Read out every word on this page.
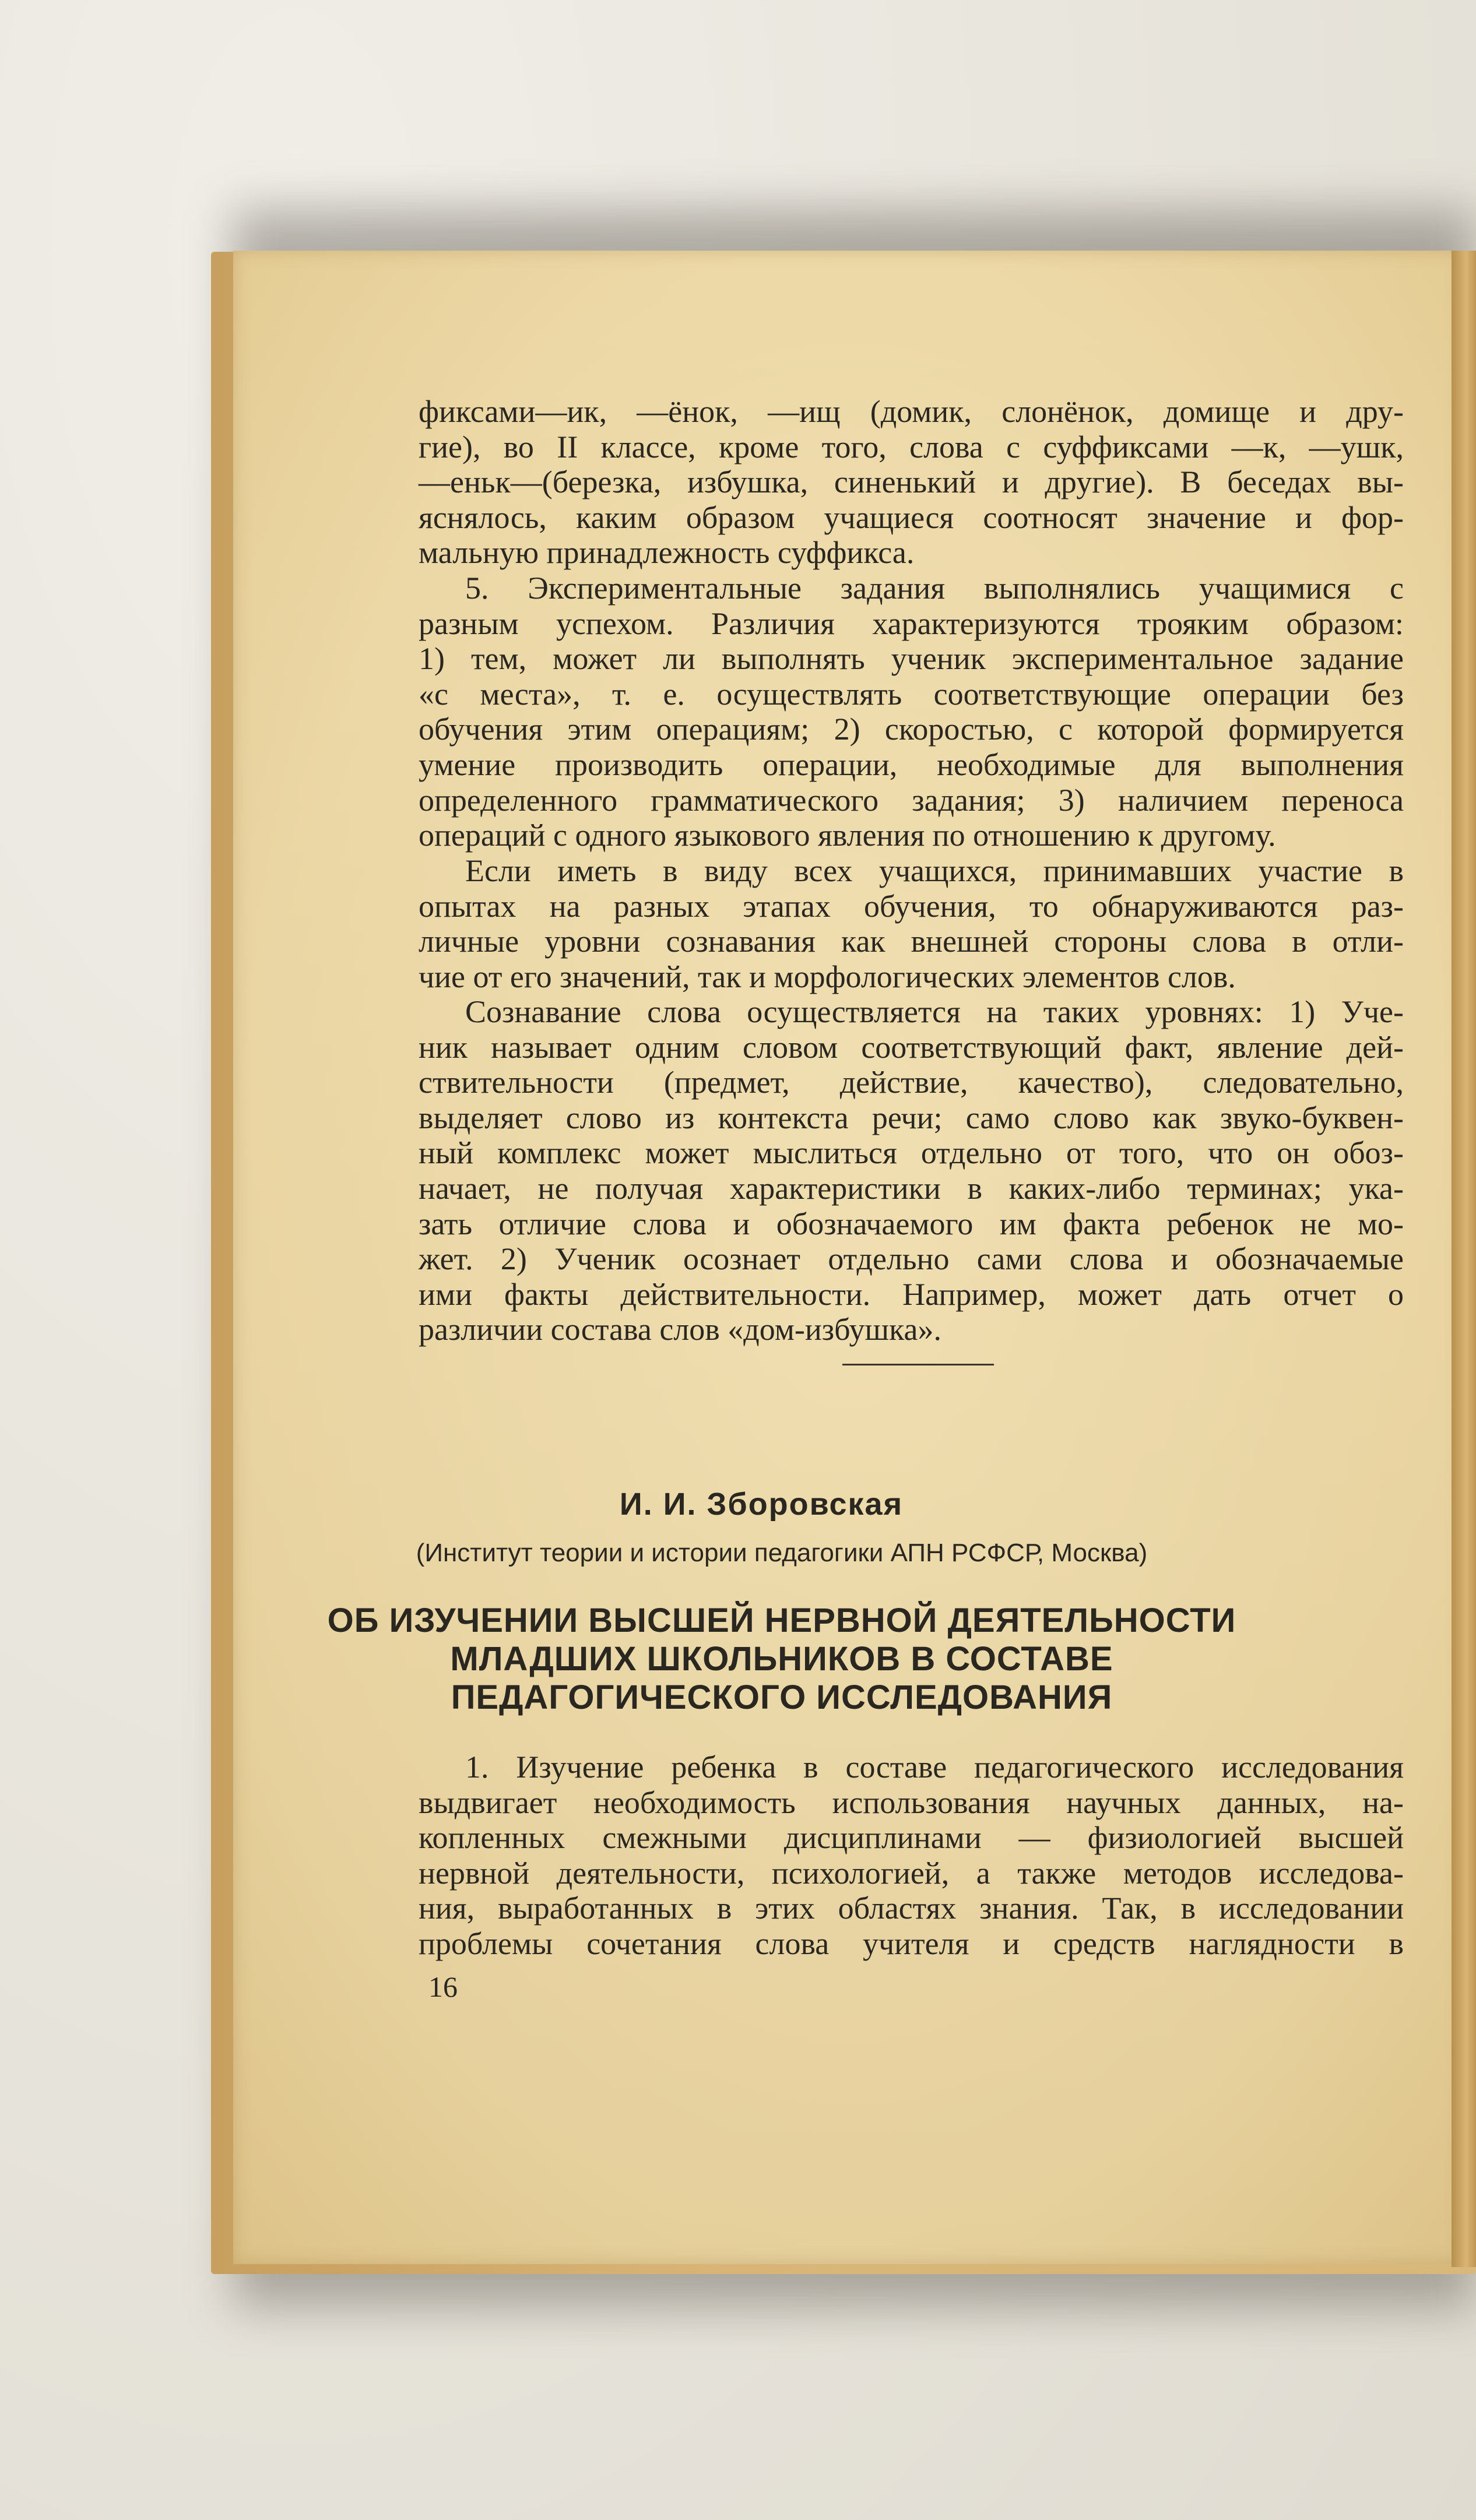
фиксами—ик, —ёнок, —ищ (домик, слонёнок, домище и дру-
гие), во II классе, кроме того, слова с суффиксами —к, —ушк,
—еньк—(березка, избушка, синенький и другие). В беседах вы-
яснялось, каким образом учащиеся соотносят значение и фор-
мальную принадлежность суффикса.
5. Экспериментальные задания выполнялись учащимися с
разным успехом. Различия характеризуются трояким образом:
1) тем, может ли выполнять ученик экспериментальное задание
«с места», т. е. осуществлять соответствующие операции без
обучения этим операциям; 2) скоростью, с которой формируется
умение производить операции, необходимые для выполнения
определенного грамматического задания; 3) наличием переноса
операций с одного языкового явления по отношению к другому.
Если иметь в виду всех учащихся, принимавших участие в
опытах на разных этапах обучения, то обнаруживаются раз-
личные уровни сознавания как внешней стороны слова в отли-
чие от его значений, так и морфологических элементов слов.
Сознавание слова осуществляется на таких уровнях: 1) Уче-
ник называет одним словом соответствующий факт, явление дей-
ствительности (предмет, действие, качество), следовательно,
выделяет слово из контекста речи; само слово как звуко-буквен-
ный комплекс может мыслиться отдельно от того, что он обоз-
начает, не получая характеристики в каких-либо терминах; ука-
зать отличие слова и обозначаемого им факта ребенок не мо-
жет. 2) Ученик осознает отдельно сами слова и обозначаемые
ими факты действительности. Например, может дать отчет о
различии состава слов «дом-избушка».
И. И. Зборовская
(Институт теории и истории педагогики АПН РСФСР, Москва)
ОБ ИЗУЧЕНИИ ВЫСШЕЙ НЕРВНОЙ ДЕЯТЕЛЬНОСТИ
МЛАДШИХ ШКОЛЬНИКОВ В СОСТАВЕ
ПЕДАГОГИЧЕСКОГО ИССЛЕДОВАНИЯ
1. Изучение ребенка в составе педагогического исследования
выдвигает необходимость использования научных данных, на-
копленных смежными дисциплинами — физиологией высшей
нервной деятельности, психологией, а также методов исследова-
ния, выработанных в этих областях знания. Так, в исследовании
проблемы сочетания слова учителя и средств наглядности в
16
